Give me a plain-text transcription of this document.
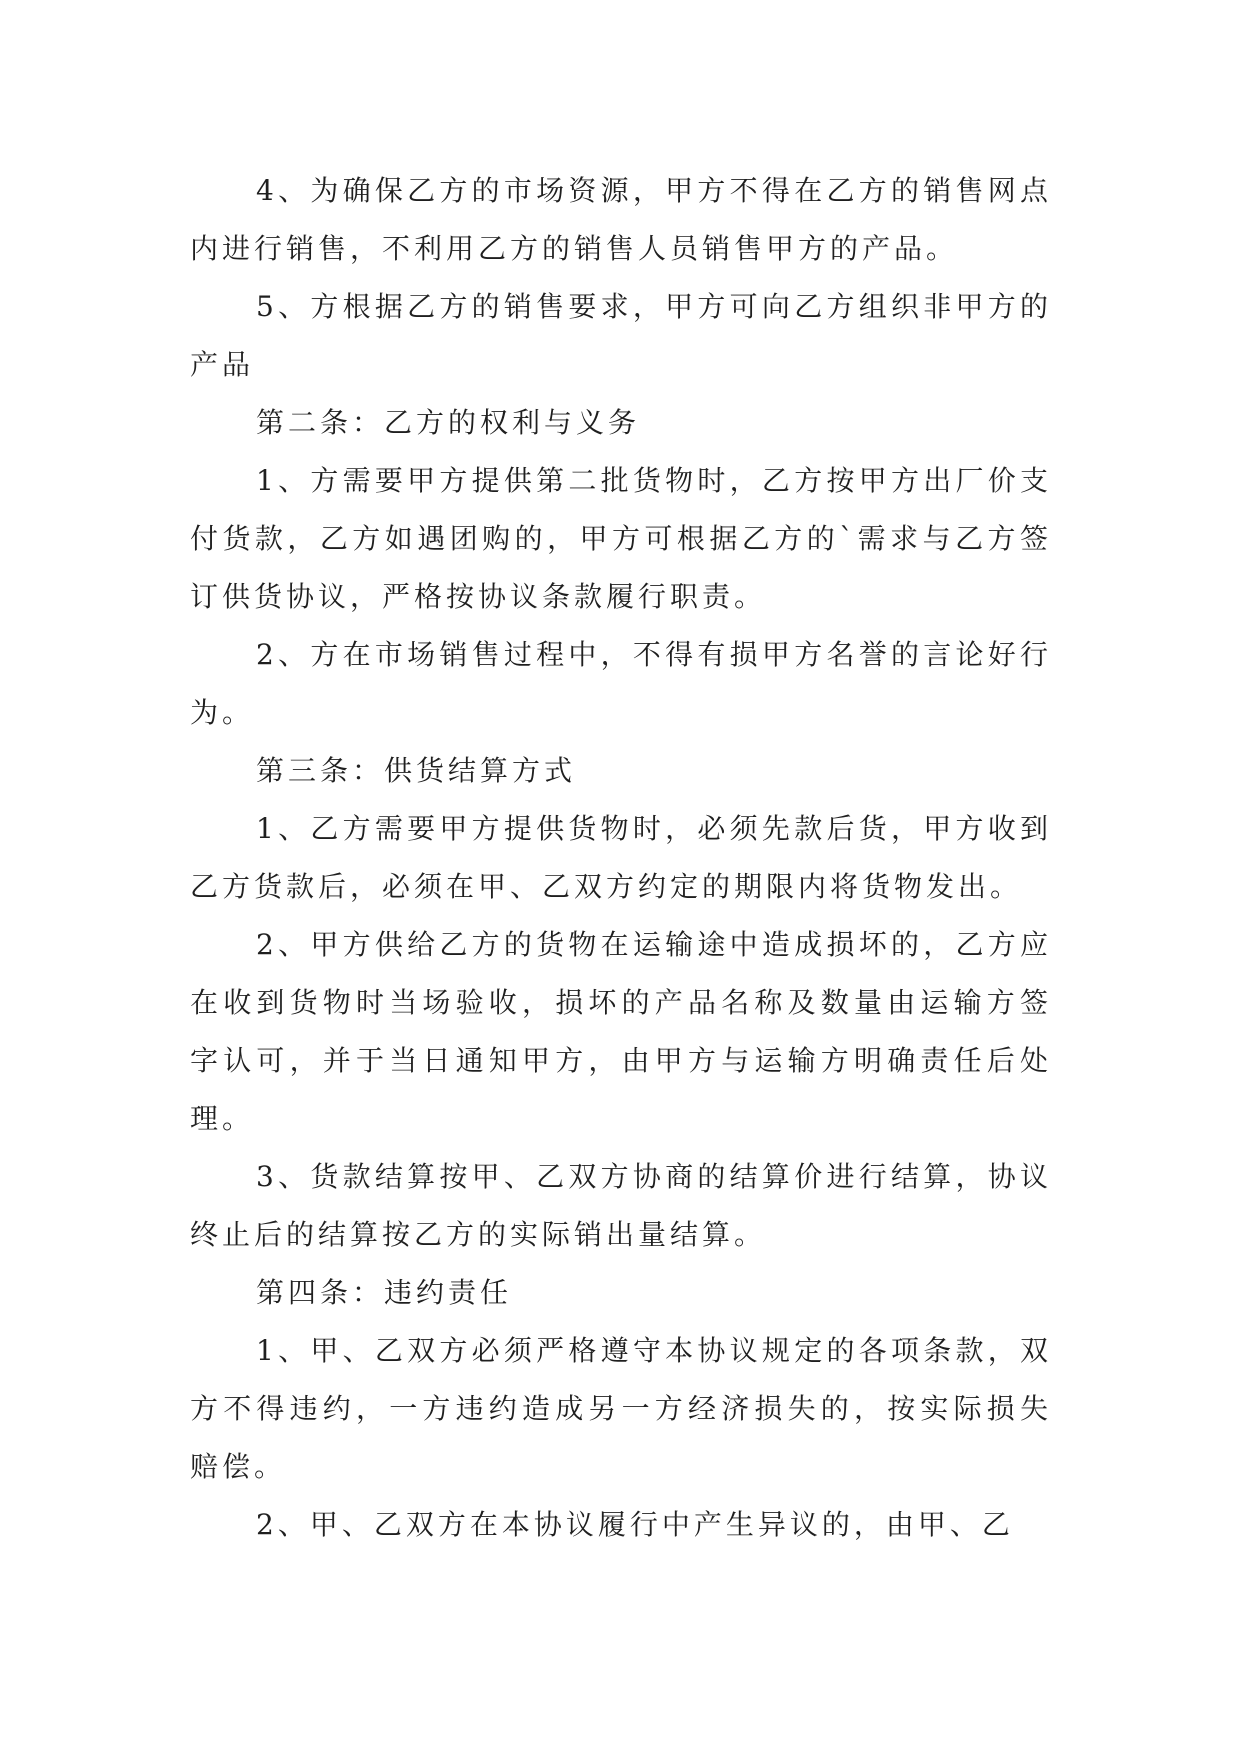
4、为确保乙方的市场资源，甲方不得在乙方的销售网点内进行销售，不利用乙方的销售人员销售甲方的产品。

5、方根据乙方的销售要求，甲方可向乙方组织非甲方的产品

第二条：乙方的权利与义务

1、方需要甲方提供第二批货物时，乙方按甲方出厂价支付货款，乙方如遇团购的，甲方可根据乙方的`需求与乙方签订供货协议，严格按协议条款履行职责。

2、方在市场销售过程中，不得有损甲方名誉的言论好行为。

第三条：供货结算方式

1、乙方需要甲方提供货物时，必须先款后货，甲方收到乙方货款后，必须在甲、乙双方约定的期限内将货物发出。

2、甲方供给乙方的货物在运输途中造成损坏的，乙方应在收到货物时当场验收，损坏的产品名称及数量由运输方签字认可，并于当日通知甲方，由甲方与运输方明确责任后处理。

3、货款结算按甲、乙双方协商的结算价进行结算，协议终止后的结算按乙方的实际销出量结算。

第四条：违约责任

1、甲、乙双方必须严格遵守本协议规定的各项条款，双方不得违约，一方违约造成另一方经济损失的，按实际损失赔偿。

2、甲、乙双方在本协议履行中产生异议的，由甲、乙
